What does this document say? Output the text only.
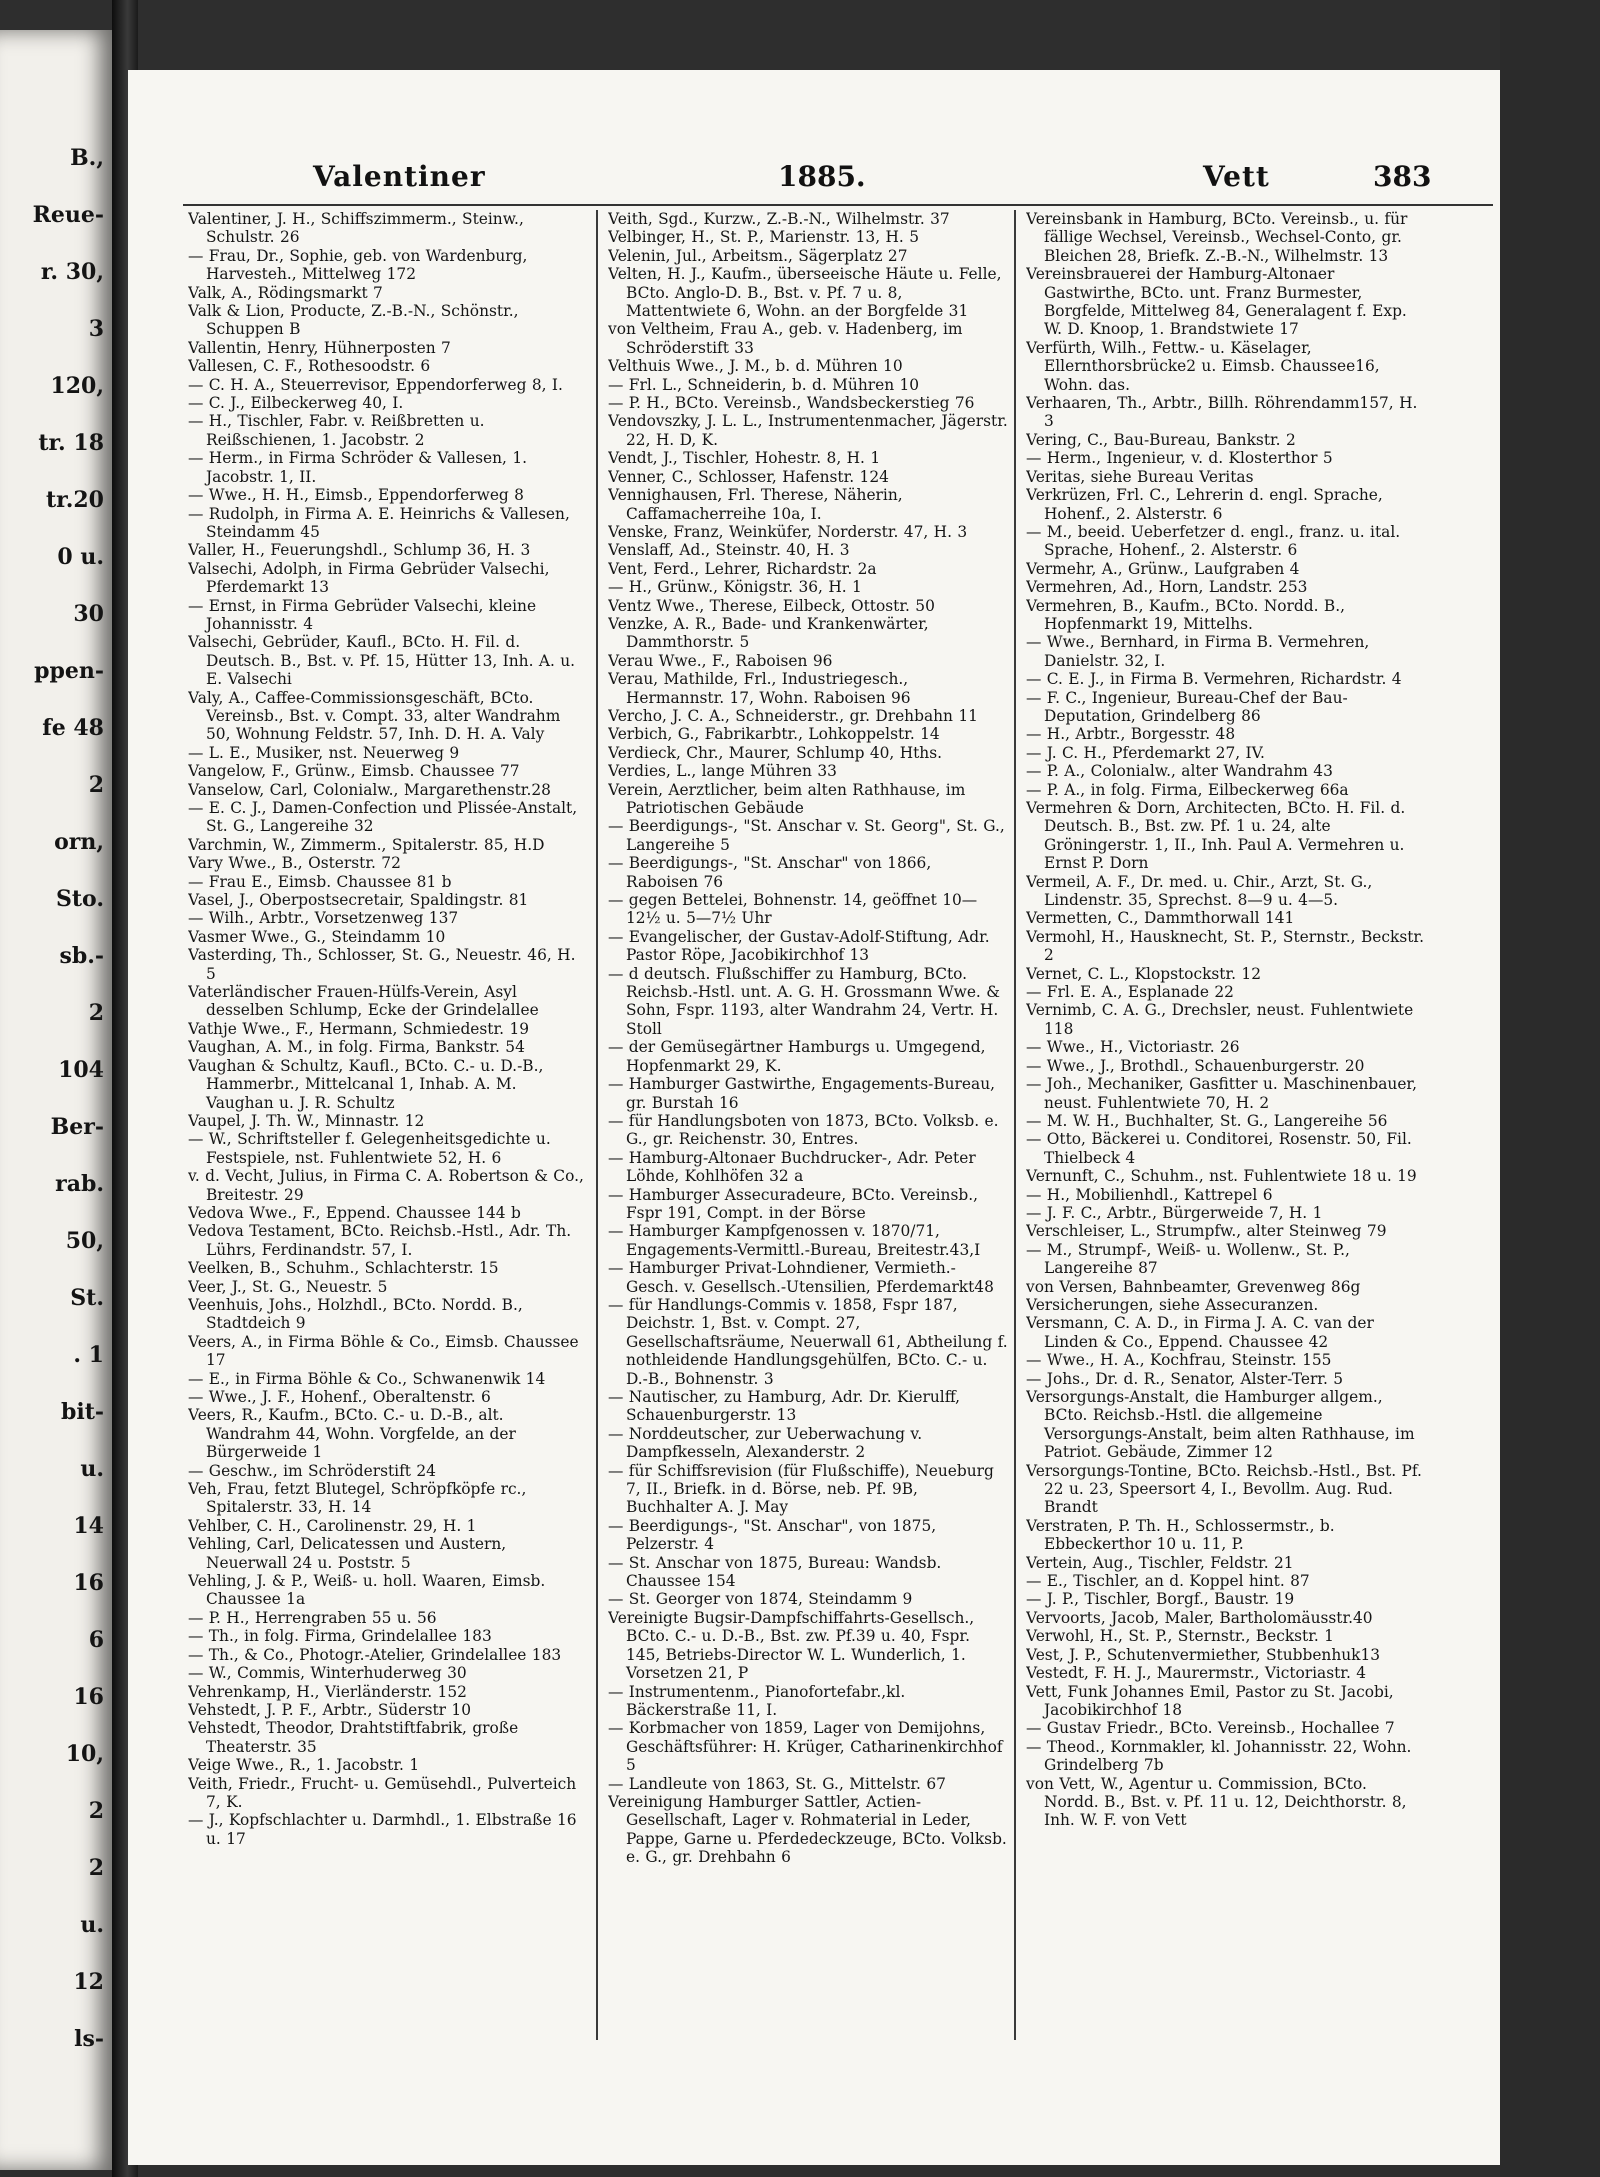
B.,
Reue-
r. 30,
3
120,
tr. 18
tr.20
0 u.
30
ppen-
fe 48
2
orn,
Sto.
sb.-
2
104
Ber-
rab.
50,
St.
. 1
bit-
u.
14
16
6
16
10,
2
2
u.
12
ls-
Valentiner	1885.	Vett	383

Valentiner, J. H., Schiffszimmerm., Steinw., Schulstr. 26

— Frau, Dr., Sophie, geb. von Wardenburg, Harvesteh., Mittelweg 172

Valk, A., Rödingsmarkt 7

Valk & Lion, Producte, Z.-B.-N., Schönstr., Schuppen B

Vallentin, Henry, Hühnerposten 7

Vallesen, C. F., Rothesoodstr. 6

— C. H. A., Steuerrevisor, Eppendorferweg 8, I.

— C. J., Eilbeckerweg 40, I.

— H., Tischler, Fabr. v. Reißbretten u. Reißschienen, 1. Jacobstr. 2

— Herm., in Firma Schröder & Vallesen, 1. Jacobstr. 1, II.

— Wwe., H. H., Eimsb., Eppendorferweg 8

— Rudolph, in Firma A. E. Heinrichs & Vallesen, Steindamm 45

Valler, H., Feuerungshdl., Schlump 36, H. 3

Valsechi, Adolph, in Firma Gebrüder Valsechi, Pferdemarkt 13

— Ernst, in Firma Gebrüder Valsechi, kleine Johannisstr. 4

Valsechi, Gebrüder, Kaufl., BCto. H. Fil. d. Deutsch. B., Bst. v. Pf. 15, Hütter 13, Inh. A. u. E. Valsechi

Valy, A., Caffee-Commissionsgeschäft, BCto. Vereinsb., Bst. v. Compt. 33, alter Wandrahm 50, Wohnung Feldstr. 57, Inh. D. H. A. Valy

— L. E., Musiker, nst. Neuerweg 9

Vangelow, F., Grünw., Eimsb. Chaussee 77

Vanselow, Carl, Colonialw., Margarethenstr.28

— E. C. J., Damen-Confection und Plissée-Anstalt, St. G., Langereihe 32

Varchmin, W., Zimmerm., Spitalerstr. 85, H.D

Vary Wwe., B., Osterstr. 72

— Frau E., Eimsb. Chaussee 81 b

Vasel, J., Oberpostsecretair, Spaldingstr. 81

— Wilh., Arbtr., Vorsetzenweg 137

Vasmer Wwe., G., Steindamm 10

Vasterding, Th., Schlosser, St. G., Neuestr. 46, H. 5

Vaterländischer Frauen-Hülfs-Verein, Asyl desselben Schlump, Ecke der Grindelallee

Vathje Wwe., F., Hermann, Schmiedestr. 19

Vaughan, A. M., in folg. Firma, Bankstr. 54

Vaughan & Schultz, Kaufl., BCto. C.- u. D.-B., Hammerbr., Mittelcanal 1, Inhab. A. M. Vaughan u. J. R. Schultz

Vaupel, J. Th. W., Minnastr. 12

— W., Schriftsteller f. Gelegenheitsgedichte u. Festspiele, nst. Fuhlentwiete 52, H. 6

v. d. Vecht, Julius, in Firma C. A. Robertson & Co., Breitestr. 29

Vedova Wwe., F., Eppend. Chaussee 144 b

Vedova Testament, BCto. Reichsb.-Hstl., Adr. Th. Lührs, Ferdinandstr. 57, I.

Veelken, B., Schuhm., Schlachterstr. 15

Veer, J., St. G., Neuestr. 5

Veenhuis, Johs., Holzhdl., BCto. Nordd. B., Stadtdeich 9

Veers, A., in Firma Böhle & Co., Eimsb. Chaussee 17

— E., in Firma Böhle & Co., Schwanenwik 14

— Wwe., J. F., Hohenf., Oberaltenstr. 6

Veers, R., Kaufm., BCto. C.- u. D.-B., alt. Wandrahm 44, Wohn. Vorgfelde, an der Bürgerweide 1

— Geschw., im Schröderstift 24

Veh, Frau, fetzt Blutegel, Schröpfköpfe rc., Spitalerstr. 33, H. 14

Vehlber, C. H., Carolinenstr. 29, H. 1

Vehling, Carl, Delicatessen und Austern, Neuerwall 24 u. Poststr. 5

Vehling, J. & P., Weiß- u. holl. Waaren, Eimsb. Chaussee 1a

— P. H., Herrengraben 55 u. 56

— Th., in folg. Firma, Grindelallee 183

— Th., & Co., Photogr.-Atelier, Grindelallee 183

— W., Commis, Winterhuderweg 30

Vehrenkamp, H., Vierländerstr. 152

Vehstedt, J. P. F., Arbtr., Süderstr 10

Vehstedt, Theodor, Drahtstiftfabrik, große Theaterstr. 35

Veige Wwe., R., 1. Jacobstr. 1

Veith, Friedr., Frucht- u. Gemüsehdl., Pulverteich 7, K.

— J., Kopfschlachter u. Darmhdl., 1. Elbstraße 16 u. 17

Veith, Sgd., Kurzw., Z.-B.-N., Wilhelmstr. 37

Velbinger, H., St. P., Marienstr. 13, H. 5

Velenin, Jul., Arbeitsm., Sägerplatz 27

Velten, H. J., Kaufm., überseeische Häute u. Felle, BCto. Anglo-D. B., Bst. v. Pf. 7 u. 8, Mattentwiete 6, Wohn. an der Borgfelde 31

von Veltheim, Frau A., geb. v. Hadenberg, im Schröderstift 33

Velthuis Wwe., J. M., b. d. Mühren 10

— Frl. L., Schneiderin, b. d. Mühren 10

— P. H., BCto. Vereinsb., Wandsbeckerstieg 76

Vendovszky, J. L. L., Instrumentenmacher, Jägerstr. 22, H. D, K.

Vendt, J., Tischler, Hohestr. 8, H. 1

Venner, C., Schlosser, Hafenstr. 124

Vennighausen, Frl. Therese, Näherin, Caffamacherreihe 10a, I.

Venske, Franz, Weinküfer, Norderstr. 47, H. 3

Venslaff, Ad., Steinstr. 40, H. 3

Vent, Ferd., Lehrer, Richardstr. 2a

— H., Grünw., Königstr. 36, H. 1

Ventz Wwe., Therese, Eilbeck, Ottostr. 50

Venzke, A. R., Bade- und Krankenwärter, Dammthorstr. 5

Verau Wwe., F., Raboisen 96

Verau, Mathilde, Frl., Industriegesch., Hermannstr. 17, Wohn. Raboisen 96

Vercho, J. C. A., Schneiderstr., gr. Drehbahn 11

Verbich, G., Fabrikarbtr., Lohkoppelstr. 14

Verdieck, Chr., Maurer, Schlump 40, Hths.

Verdies, L., lange Mühren 33

Verein, Aerztlicher, beim alten Rathhause, im Patriotischen Gebäude

— Beerdigungs-, "St. Anschar v. St. Georg", St. G., Langereihe 5

— Beerdigungs-, "St. Anschar" von 1866, Raboisen 76

— gegen Bettelei, Bohnenstr. 14, geöffnet 10—12½ u. 5—7½ Uhr

— Evangelischer, der Gustav-Adolf-Stiftung, Adr. Pastor Röpe, Jacobikirchhof 13

— d deutsch. Flußschiffer zu Hamburg, BCto. Reichsb.-Hstl. unt. A. G. H. Grossmann Wwe. & Sohn, Fspr. 1193, alter Wandrahm 24, Vertr. H. Stoll

— der Gemüsegärtner Hamburgs u. Umgegend, Hopfenmarkt 29, K.

— Hamburger Gastwirthe, Engagements-Bureau, gr. Burstah 16

— für Handlungsboten von 1873, BCto. Volksb. e. G., gr. Reichenstr. 30, Entres.

— Hamburg-Altonaer Buchdrucker-, Adr. Peter Löhde, Kohlhöfen 32 a

— Hamburger Assecuradeure, BCto. Vereinsb., Fspr 191, Compt. in der Börse

— Hamburger Kampfgenossen v. 1870/71, Engagements-Vermittl.-Bureau, Breitestr.43,I

— Hamburger Privat-Lohndiener, Vermieth.-Gesch. v. Gesellsch.-Utensilien, Pferdemarkt48

— für Handlungs-Commis v. 1858, Fspr 187, Deichstr. 1, Bst. v. Compt. 27, Gesellschaftsräume, Neuerwall 61, Abtheilung f. nothleidende Handlungsgehülfen, BCto. C.- u. D.-B., Bohnenstr. 3

— Nautischer, zu Hamburg, Adr. Dr. Kierulff, Schauenburgerstr. 13

— Norddeutscher, zur Ueberwachung v. Dampfkesseln, Alexanderstr. 2

— für Schiffsrevision (für Flußschiffe), Neueburg 7, II., Briefk. in d. Börse, neb. Pf. 9B, Buchhalter A. J. May

— Beerdigungs-, "St. Anschar", von 1875, Pelzerstr. 4

— St. Anschar von 1875, Bureau: Wandsb. Chaussee 154

— St. Georger von 1874, Steindamm 9

Vereinigte Bugsir-Dampfschiffahrts-Gesellsch., BCto. C.- u. D.-B., Bst. zw. Pf.39 u. 40, Fspr. 145, Betriebs-Director W. L. Wunderlich, 1. Vorsetzen 21, P

— Instrumentenm., Pianofortefabr.,kl. Bäckerstraße 11, I.

— Korbmacher von 1859, Lager von Demijohns, Geschäftsführer: H. Krüger, Catharinenkirchhof 5

— Landleute von 1863, St. G., Mittelstr. 67

Vereinigung Hamburger Sattler, Actien-Gesellschaft, Lager v. Rohmaterial in Leder, Pappe, Garne u. Pferdedeckzeuge, BCto. Volksb. e. G., gr. Drehbahn 6

Vereinsbank in Hamburg, BCto. Vereinsb., u. für fällige Wechsel, Vereinsb., Wechsel-Conto, gr. Bleichen 28, Briefk. Z.-B.-N., Wilhelmstr. 13

Vereinsbrauerei der Hamburg-Altonaer Gastwirthe, BCto. unt. Franz Burmester, Borgfelde, Mittelweg 84, Generalagent f. Exp. W. D. Knoop, 1. Brandstwiete 17

Verfürth, Wilh., Fettw.- u. Käselager, Ellernthorsbrücke2 u. Eimsb. Chaussee16, Wohn. das.

Verhaaren, Th., Arbtr., Billh. Röhrendamm157, H. 3

Vering, C., Bau-Bureau, Bankstr. 2

— Herm., Ingenieur, v. d. Klosterthor 5

Veritas, siehe Bureau Veritas

Verkrüzen, Frl. C., Lehrerin d. engl. Sprache, Hohenf., 2. Alsterstr. 6

— M., beeid. Ueberfetzer d. engl., franz. u. ital. Sprache, Hohenf., 2. Alsterstr. 6

Vermehr, A., Grünw., Laufgraben 4

Vermehren, Ad., Horn, Landstr. 253

Vermehren, B., Kaufm., BCto. Nordd. B., Hopfenmarkt 19, Mittelhs.

— Wwe., Bernhard, in Firma B. Vermehren, Danielstr. 32, I.

— C. E. J., in Firma B. Vermehren, Richardstr. 4

— F. C., Ingenieur, Bureau-Chef der Bau-Deputation, Grindelberg 86

— H., Arbtr., Borgesstr. 48

— J. C. H., Pferdemarkt 27, IV.

— P. A., Colonialw., alter Wandrahm 43

— P. A., in folg. Firma, Eilbeckerweg 66a

Vermehren & Dorn, Architecten, BCto. H. Fil. d. Deutsch. B., Bst. zw. Pf. 1 u. 24, alte Gröningerstr. 1, II., Inh. Paul A. Vermehren u. Ernst P. Dorn

Vermeil, A. F., Dr. med. u. Chir., Arzt, St. G., Lindenstr. 35, Sprechst. 8—9 u. 4—5.

Vermetten, C., Dammthorwall 141

Vermohl, H., Hausknecht, St. P., Sternstr., Beckstr. 2

Vernet, C. L., Klopstockstr. 12

— Frl. E. A., Esplanade 22

Vernimb, C. A. G., Drechsler, neust. Fuhlentwiete 118

— Wwe., H., Victoriastr. 26

— Wwe., J., Brothdl., Schauenburgerstr. 20

— Joh., Mechaniker, Gasfitter u. Maschinenbauer, neust. Fuhlentwiete 70, H. 2

— M. W. H., Buchhalter, St. G., Langereihe 56

— Otto, Bäckerei u. Conditorei, Rosenstr. 50, Fil. Thielbeck 4

Vernunft, C., Schuhm., nst. Fuhlentwiete 18 u. 19

— H., Mobilienhdl., Kattrepel 6

— J. F. C., Arbtr., Bürgerweide 7, H. 1

Verschleiser, L., Strumpfw., alter Steinweg 79

— M., Strumpf-, Weiß- u. Wollenw., St. P., Langereihe 87

von Versen, Bahnbeamter, Grevenweg 86g

Versicherungen, siehe Assecuranzen.

Versmann, C. A. D., in Firma J. A. C. van der Linden & Co., Eppend. Chaussee 42

— Wwe., H. A., Kochfrau, Steinstr. 155

— Johs., Dr. d. R., Senator, Alster-Terr. 5

Versorgungs-Anstalt, die Hamburger allgem., BCto. Reichsb.-Hstl. die allgemeine Versorgungs-Anstalt, beim alten Rathhause, im Patriot. Gebäude, Zimmer 12

Versorgungs-Tontine, BCto. Reichsb.-Hstl., Bst. Pf. 22 u. 23, Speersort 4, I., Bevollm. Aug. Rud. Brandt

Verstraten, P. Th. H., Schlossermstr., b. Ebbeckerthor 10 u. 11, P.

Vertein, Aug., Tischler, Feldstr. 21

— E., Tischler, an d. Koppel hint. 87

— J. P., Tischler, Borgf., Baustr. 19

Vervoorts, Jacob, Maler, Bartholomäusstr.40

Verwohl, H., St. P., Sternstr., Beckstr. 1

Vest, J. P., Schutenvermiether, Stubbenhuk13

Vestedt, F. H. J., Maurermstr., Victoriastr. 4

Vett, Funk Johannes Emil, Pastor zu St. Jacobi, Jacobikirchhof 18

— Gustav Friedr., BCto. Vereinsb., Hochallee 7

— Theod., Kornmakler, kl. Johannisstr. 22, Wohn. Grindelberg 7b

von Vett, W., Agentur u. Commission, BCto. Nordd. B., Bst. v. Pf. 11 u. 12, Deichthorstr. 8, Inh. W. F. von Vett
